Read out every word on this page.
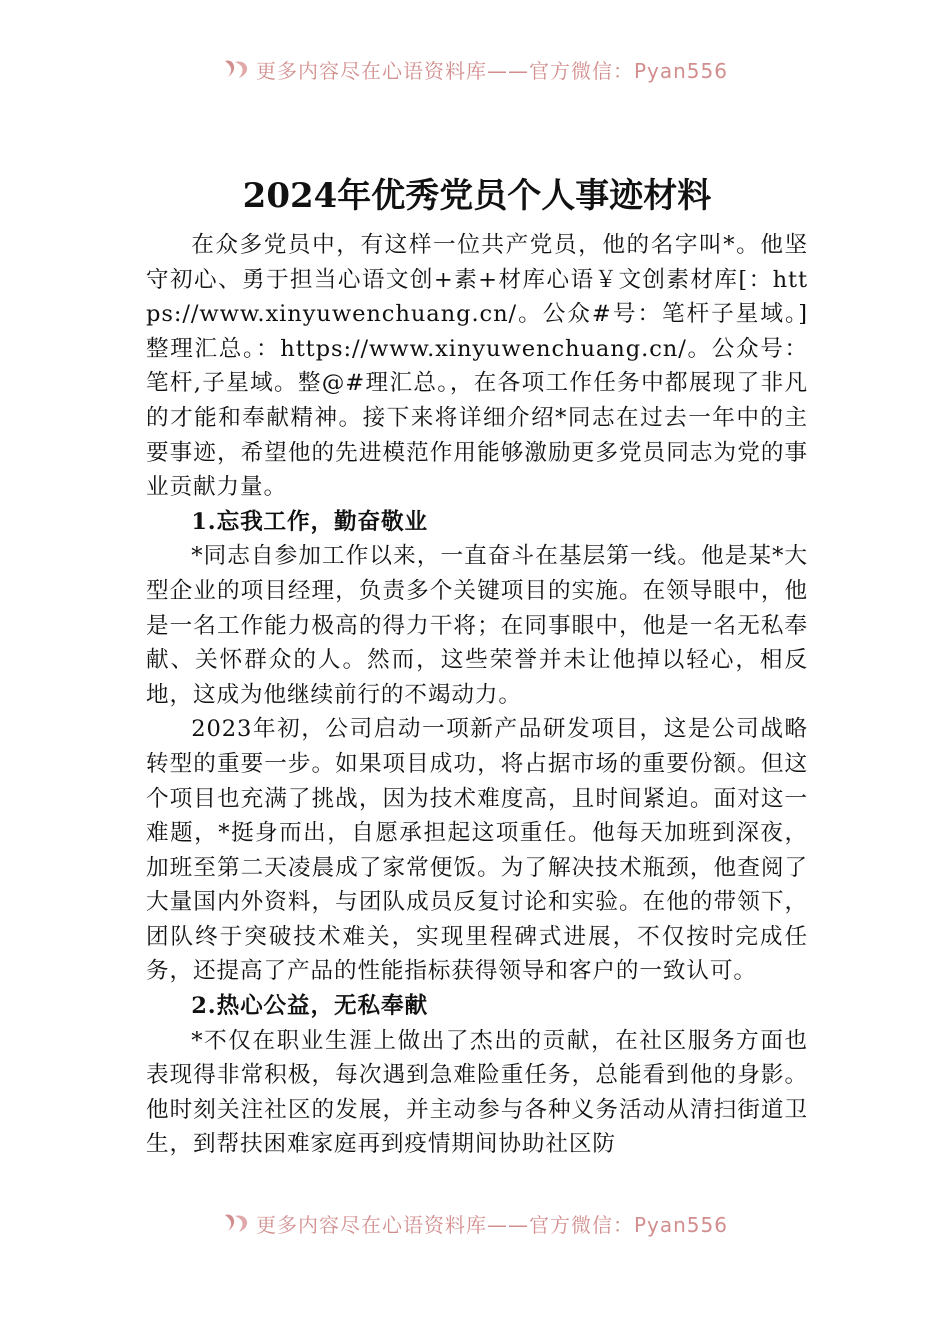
更多内容尽在心语资料库——官方微信：Pyan556
2024年优秀党员个人事迹材料

在众多党员中，有这样一位共产党员，他的名字叫*。他坚守初心、勇于担当心语文创+素+材库心语￥文创素材库[：https://www.xinyuwenchuang.cn/。公众#号：笔杆子星域。]整理汇总。：https://www.xinyuwenchuang.cn/。公众号：笔杆,子星域。整@#理汇总。，在各项工作任务中都展现了非凡的才能和奉献精神。接下来将详细介绍*同志在过去一年中的主要事迹，希望他的先进模范作用能够激励更多党员同志为党的事业贡献力量。

1.忘我工作，勤奋敬业

*同志自参加工作以来，一直奋斗在基层第一线。他是某*大型企业的项目经理，负责多个关键项目的实施。在领导眼中，他是一名工作能力极高的得力干将；在同事眼中，他是一名无私奉献、关怀群众的人。然而，这些荣誉并未让他掉以轻心，相反地，这成为他继续前行的不竭动力。

2023年初，公司启动一项新产品研发项目，这是公司战略转型的重要一步。如果项目成功，将占据市场的重要份额。但这个项目也充满了挑战，因为技术难度高，且时间紧迫。面对这一难题，*挺身而出，自愿承担起这项重任。他每天加班到深夜，加班至第二天凌晨成了家常便饭。为了解决技术瓶颈，他查阅了大量国内外资料，与团队成员反复讨论和实验。在他的带领下，团队终于突破技术难关，实现里程碑式进展，不仅按时完成任务，还提高了产品的性能指标获得领导和客户的一致认可。

2.热心公益，无私奉献

*不仅在职业生涯上做出了杰出的贡献，在社区服务方面也表现得非常积极，每次遇到急难险重任务，总能看到他的身影。他时刻关注社区的发展，并主动参与各种义务活动从清扫街道卫生，到帮扶困难家庭再到疫情期间协助社区防

更多内容尽在心语资料库——官方微信：Pyan556
